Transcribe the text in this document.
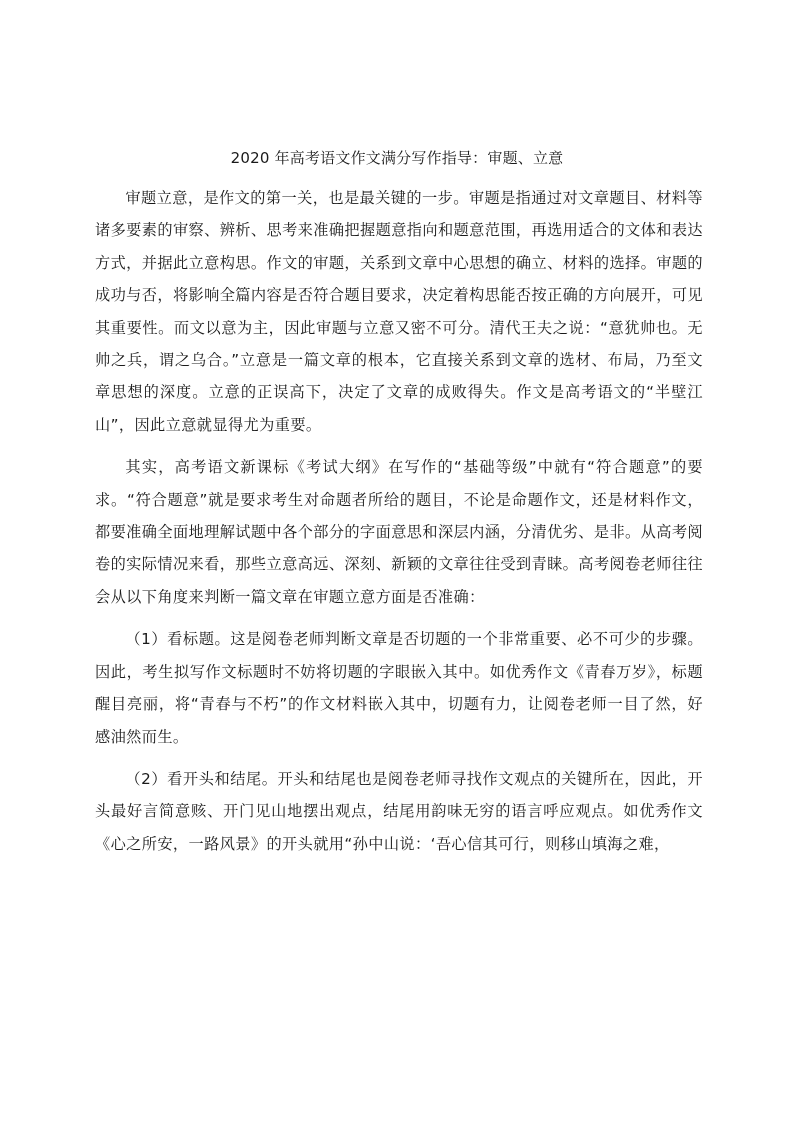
2020 年高考语文作文满分写作指导：审题、立意

审题立意，是作文的第一关，也是最关键的一步。审题是指通过对文章题目、材料等诸多要素的审察、辨析、思考来准确把握题意指向和题意范围，再选用适合的文体和表达方式，并据此立意构思。作文的审题，关系到文章中心思想的确立、材料的选择。审题的成功与否，将影响全篇内容是否符合题目要求，决定着构思能否按正确的方向展开，可见其重要性。而文以意为主，因此审题与立意又密不可分。清代王夫之说：“意犹帅也。无帅之兵，谓之乌合。”立意是一篇文章的根本，它直接关系到文章的选材、布局，乃至文章思想的深度。立意的正误高下，决定了文章的成败得失。作文是高考语文的“半壁江山”，因此立意就显得尤为重要。

其实，高考语文新课标《考试大纲》在写作的“基础等级”中就有“符合题意”的要求。“符合题意”就是要求考生对命题者所给的题目，不论是命题作文，还是材料作文，都要准确全面地理解试题中各个部分的字面意思和深层内涵，分清优劣、是非。从高考阅卷的实际情况来看，那些立意高远、深刻、新颖的文章往往受到青睐。高考阅卷老师往往会从以下角度来判断一篇文章在审题立意方面是否准确：

（1）看标题。这是阅卷老师判断文章是否切题的一个非常重要、必不可少的步骤。因此，考生拟写作文标题时不妨将切题的字眼嵌入其中。如优秀作文《青春万岁》，标题醒目亮丽，将“青春与不朽”的作文材料嵌入其中，切题有力，让阅卷老师一目了然，好感油然而生。

（2）看开头和结尾。开头和结尾也是阅卷老师寻找作文观点的关键所在，因此，开头最好言简意赅、开门见山地摆出观点，结尾用韵味无穷的语言呼应观点。如优秀作文《心之所安，一路风景》的开头就用“孙中山说：‘吾心信其可行，则移山填海之难，
